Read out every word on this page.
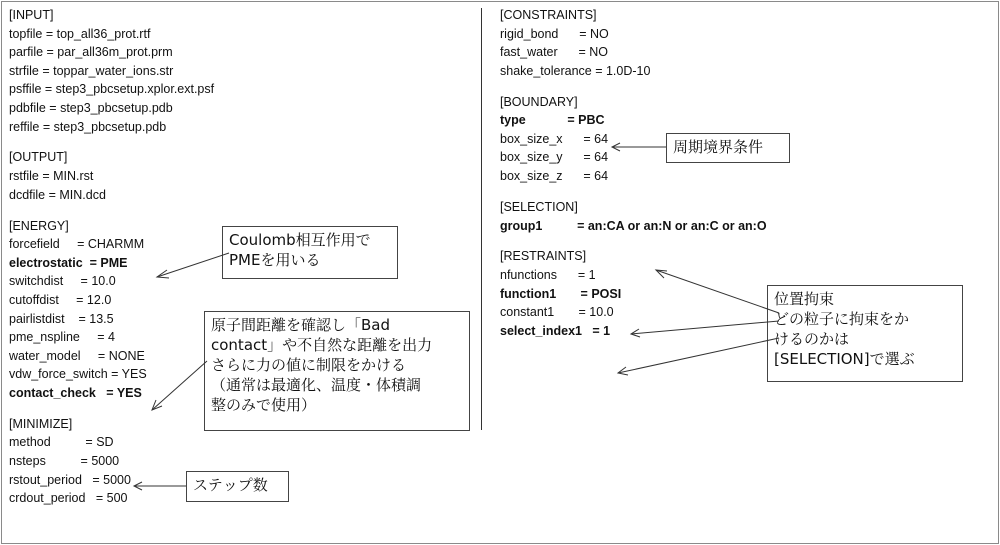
[INPUT]
topfile = top_all36_prot.rtf
parfile = par_all36m_prot.prm
strfile = toppar_water_ions.str
psffile = step3_pbcsetup.xplor.ext.psf
pdbfile = step3_pbcsetup.pdb
reffile = step3_pbcsetup.pdb
[OUTPUT]
rstfile = MIN.rst
dcdfile = MIN.dcd
[ENERGY]
forcefield     = CHARMM
electrostatic  = PME
switchdist     = 10.0
cutoffdist     = 12.0
pairlistdist    = 13.5
pme_nspline     = 4
water_model     = NONE
vdw_force_switch = YES
contact_check   = YES
[MINIMIZE]
method          = SD
nsteps          = 5000
rstout_period   = 5000
crdout_period   = 500
[CONSTRAINTS]
rigid_bond      = NO
fast_water      = NO
shake_tolerance = 1.0D-10
[BOUNDARY]
type            = PBC
box_size_x      = 64
box_size_y      = 64
box_size_z      = 64
[SELECTION]
group1          = an:CA or an:N or an:C or an:O
[RESTRAINTS]
nfunctions      = 1
function1       = POSI
constant1       = 10.0
select_index1   = 1
Coulomb相互作用で
PMEを用いる
原子間距離を確認し「Bad
contact」や不自然な距離を出力
さらに力の値に制限をかける
（通常は最適化、温度・体積調
整のみで使用）
ステップ数
周期境界条件
位置拘束
どの粒子に拘束をか
けるのかは
[SELECTION]で選ぶ
